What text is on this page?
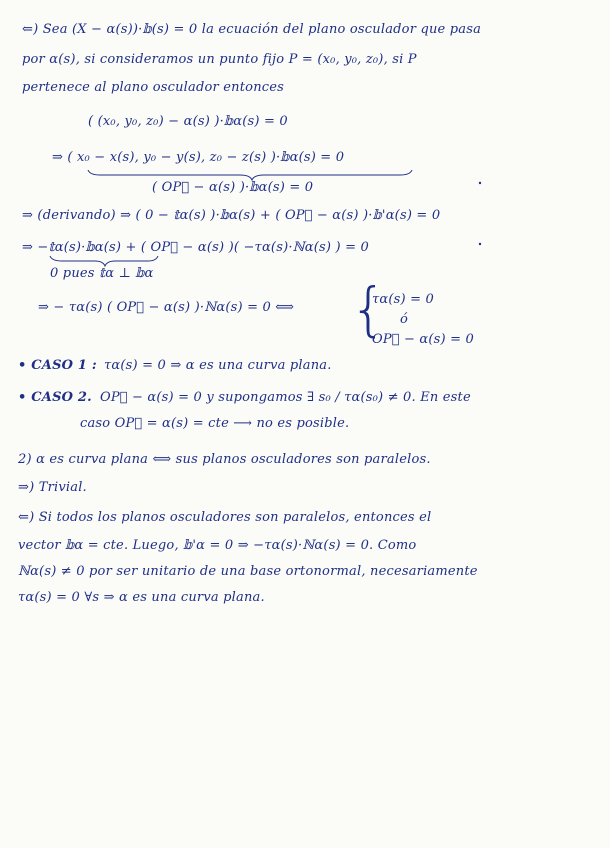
⇐) Sea (X − α(s))·𝕓(s) = 0 la ecuación del plano osculador que pasa
por α(s), si consideramos un punto fijo P = (x₀, y₀, z₀), si P
pertenece al plano osculador entonces
( (x₀, y₀, z₀) − α(s) )·𝕓α(s) = 0
⇒ ( x₀ − x(s), y₀ − y(s), z₀ − z(s) )·𝕓α(s) = 0
( OP⃗ − α(s) )·𝕓α(s) = 0
⇒ (derivando) ⇒ ( 0 − 𝕥α(s) )·𝕓α(s) + ( OP⃗ − α(s) )·𝕓'α(s) = 0
⇒ −𝕥α(s)·𝕓α(s) + ( OP⃗ − α(s) )( −τα(s)·ℕα(s) ) = 0
0 pues 𝕥α ⊥ 𝕓α
⇒ − τα(s) ( OP⃗ − α(s) )·ℕα(s) = 0 ⟺ {
τα(s) = 0
ó
OP⃗ − α(s) = 0
• CASO 1 : τα(s) = 0 ⇒ α es una curva plana.
• CASO 2. OP⃗ − α(s) = 0 y supongamos ∃ s₀ / τα(s₀) ≠ 0. En este
caso OP⃗ = α(s) = cte ⟶ no es posible.
2) α es curva plana ⟺ sus planos osculadores son paralelos.
⇒) Trivial.
⇐) Si todos los planos osculadores son paralelos, entonces el
vector 𝕓α = cte. Luego, 𝕓'α = 0 ⇒ −τα(s)·ℕα(s) = 0. Como
ℕα(s) ≠ 0 por ser unitario de una base ortonormal, necesariamente
τα(s) = 0 ∀s ⇒ α es una curva plana.
